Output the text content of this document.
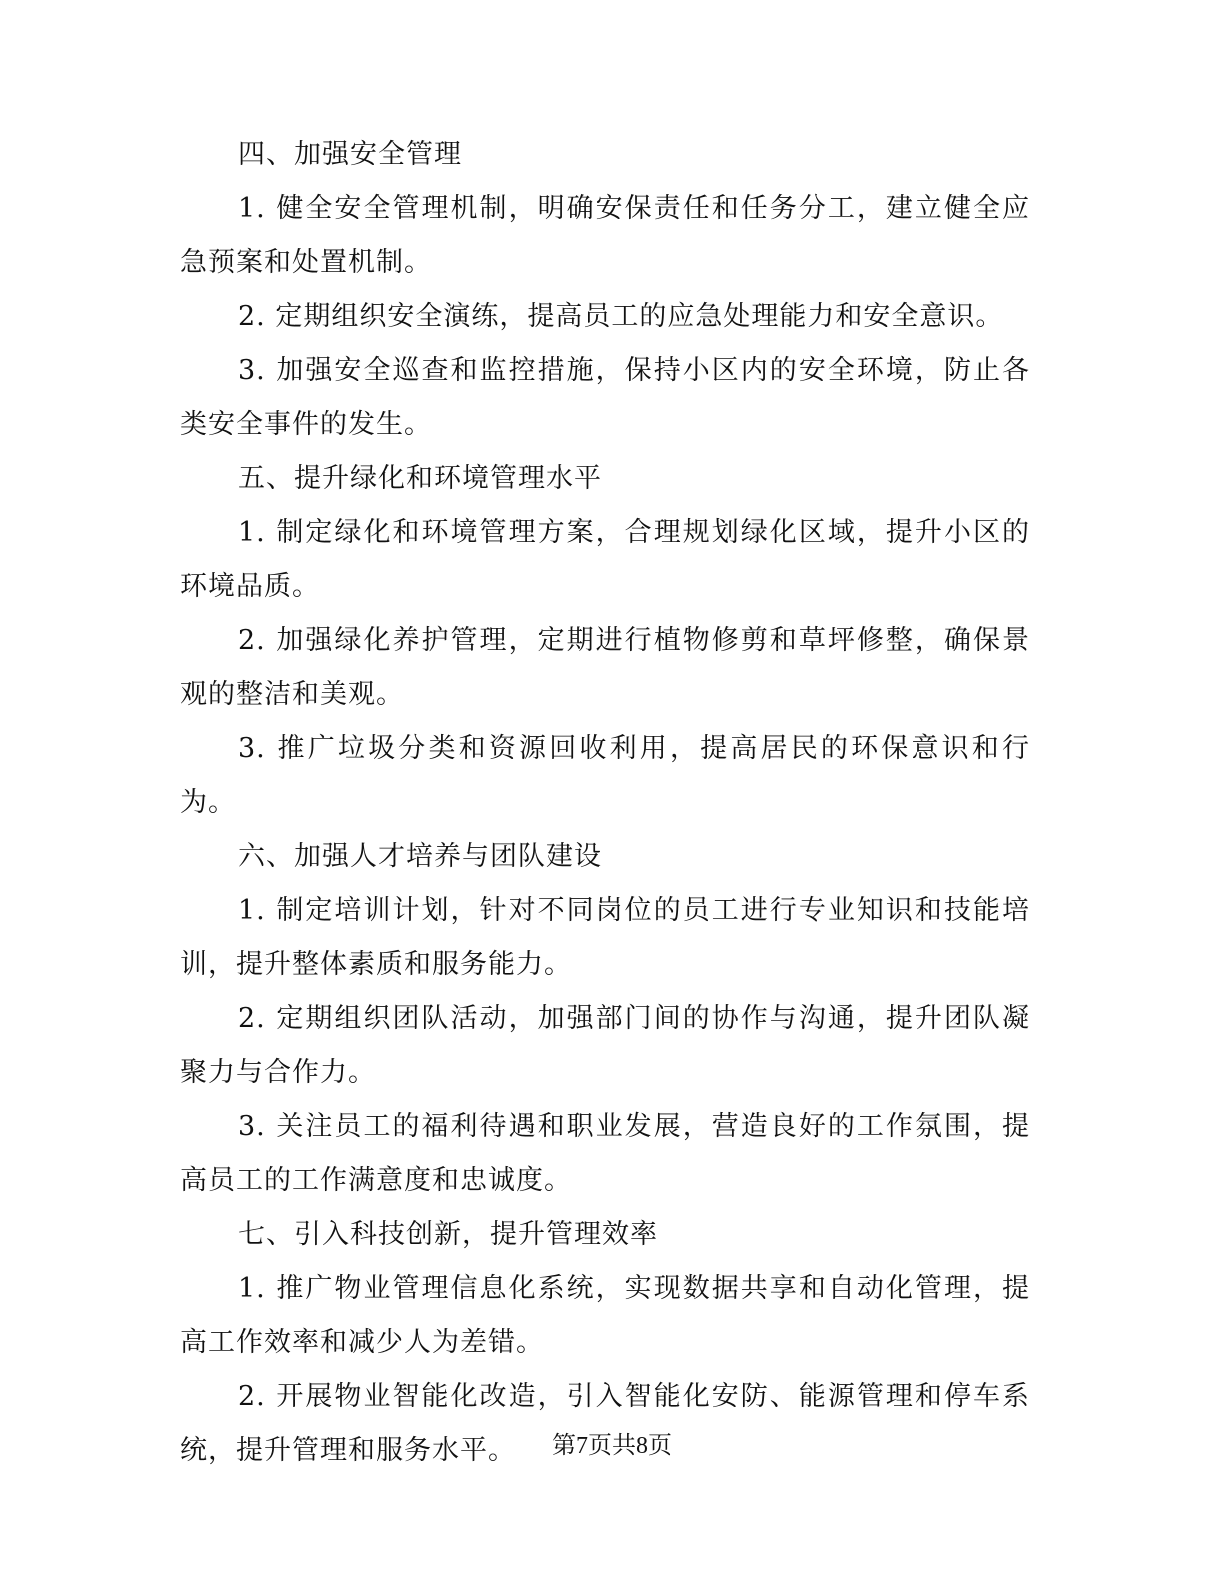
四、加强安全管理

1. 健全安全管理机制，明确安保责任和任务分工，建立健全应急预案和处置机制。

2. 定期组织安全演练，提高员工的应急处理能力和安全意识。

3. 加强安全巡查和监控措施，保持小区内的安全环境，防止各类安全事件的发生。

五、提升绿化和环境管理水平

1. 制定绿化和环境管理方案，合理规划绿化区域，提升小区的环境品质。

2. 加强绿化养护管理，定期进行植物修剪和草坪修整，确保景观的整洁和美观。

3. 推广垃圾分类和资源回收利用，提高居民的环保意识和行为。

六、加强人才培养与团队建设

1. 制定培训计划，针对不同岗位的员工进行专业知识和技能培训，提升整体素质和服务能力。

2. 定期组织团队活动，加强部门间的协作与沟通，提升团队凝聚力与合作力。

3. 关注员工的福利待遇和职业发展，营造良好的工作氛围，提高员工的工作满意度和忠诚度。

七、引入科技创新，提升管理效率

1. 推广物业管理信息化系统，实现数据共享和自动化管理，提高工作效率和减少人为差错。

2. 开展物业智能化改造，引入智能化安防、能源管理和停车系统，提升管理和服务水平。	第7页共8页
